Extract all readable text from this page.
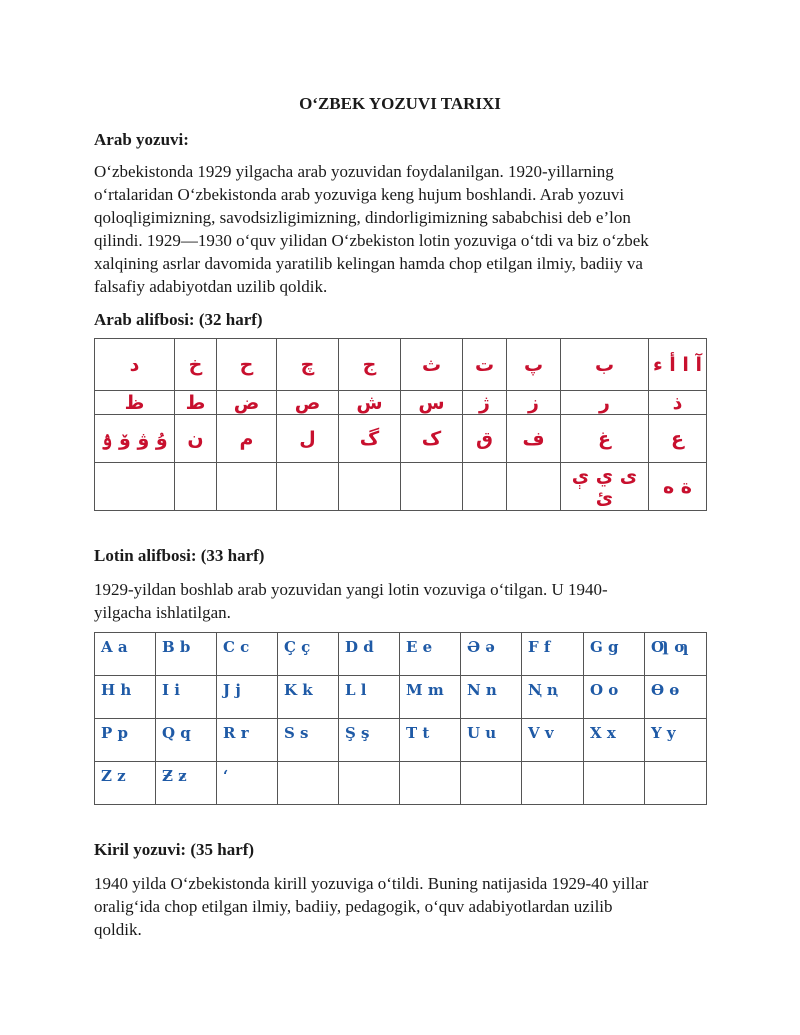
O‘ZBEK YOZUVI TARIXI
Arab yozuvi:
O‘zbekistonda 1929 yilgacha arab yozuvidan foydalanilgan. 1920-yillarning
o‘rtalaridan O‘zbekistonda arab yozuviga keng hujum boshlandi. Arab yozuvi
qoloqligimizning, savodsizligimizning, dindorligimizning sababchisi deb e’lon
qilindi. 1929—1930 o‘quv yilidan O‘zbekiston lotin yozuviga o‘tdi va biz o‘zbek
xalqining asrlar davomida yaratilib kelingan hamda chop etilgan ilmiy, badiiy va
falsafiy adabiyotdan uzilib qoldik.
Arab alifbosi: (32 harf)
د	خ	ح	چ	ج	ث	ت	پ	ب	آ ا أ ء
ظ	ط	ض	ص	ش	س	ژ	ز	ر	ذ
ۇ ۋ ۆ ۉ	ن	م	ل	گ	ک	ق	ف	غ	ع
								ى ي ې ئ	ة ه
Lotin alifbosi: (33 harf)
1929-yildan boshlab arab yozuvidan yangi lotin vozuviga o‘tilgan. U 1940-
yilgacha ishlatilgan.
A a	B b	C c	Ç ç	D d	E e	Ə ə	F f	G g	Ƣ ƣ
H h	I i	J j	K k	L l	M m	N n	Ꞑ ꞑ	O o	Ɵ ɵ
P p	Q q	R r	S s	Ş ş	T t	U u	V v	X x	Y y
Z z	Ƶ ƶ	‘							
Kiril yozuvi: (35 harf)
1940 yilda O‘zbekistonda kirill yozuviga o‘tildi. Buning natijasida 1929-40 yillar
oralig‘ida chop etilgan ilmiy, badiiy, pedagogik, o‘quv adabiyotlardan uzilib
qoldik.
